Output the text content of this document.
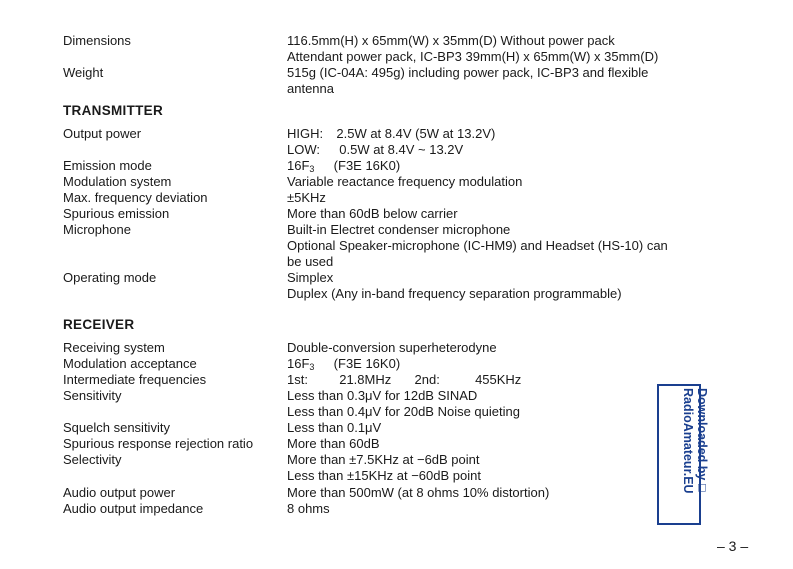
Dimensions	116.5mm(H) x 65mm(W) x 35mm(D) Without power pack
Attendant power pack, IC-BP3 39mm(H) x 65mm(W) x 35mm(D)
Weight	515g (IC-04A: 495g) including power pack, IC-BP3 and flexible
antenna
TRANSMITTER
Output power	HIGH: 2.5W at 8.4V (5W at 13.2V)
LOW: 0.5W at 8.4V ~ 13.2V
Emission mode	$16F_3$ (F3E 16K0)
Modulation system	Variable reactance frequency modulation
Max. frequency deviation	±5KHz
Spurious emission	More than 60dB below carrier
Microphone	Built-in Electret condenser microphone
Optional Speaker-microphone (IC-HM9) and Headset (HS-10) can
be used
Operating mode	Simplex
Duplex (Any in-band frequency separation programmable)
RECEIVER
Receiving system	Double-conversion superheterodyne
Modulation acceptance	$16F_3$ (F3E 16K0)
Intermediate frequencies	1st: 21.8MHz 2nd:	455KHz
Sensitivity	Less than 0.3μV for 12dB SINAD
Less than 0.4μV for 20dB Noise quieting
Squelch sensitivity	Less than 0.1μV
Spurious response rejection ratio	More than 60dB
Selectivity	More than ±7.5KHz at −6dB point
Less than ±15KHz at −60dB point
Audio output power	More than 500mW (at 8 ohms 10% distortion)
Audio output impedance	8 ohms
Downloaded by□
RadioAmateur.EU
– 3 –
